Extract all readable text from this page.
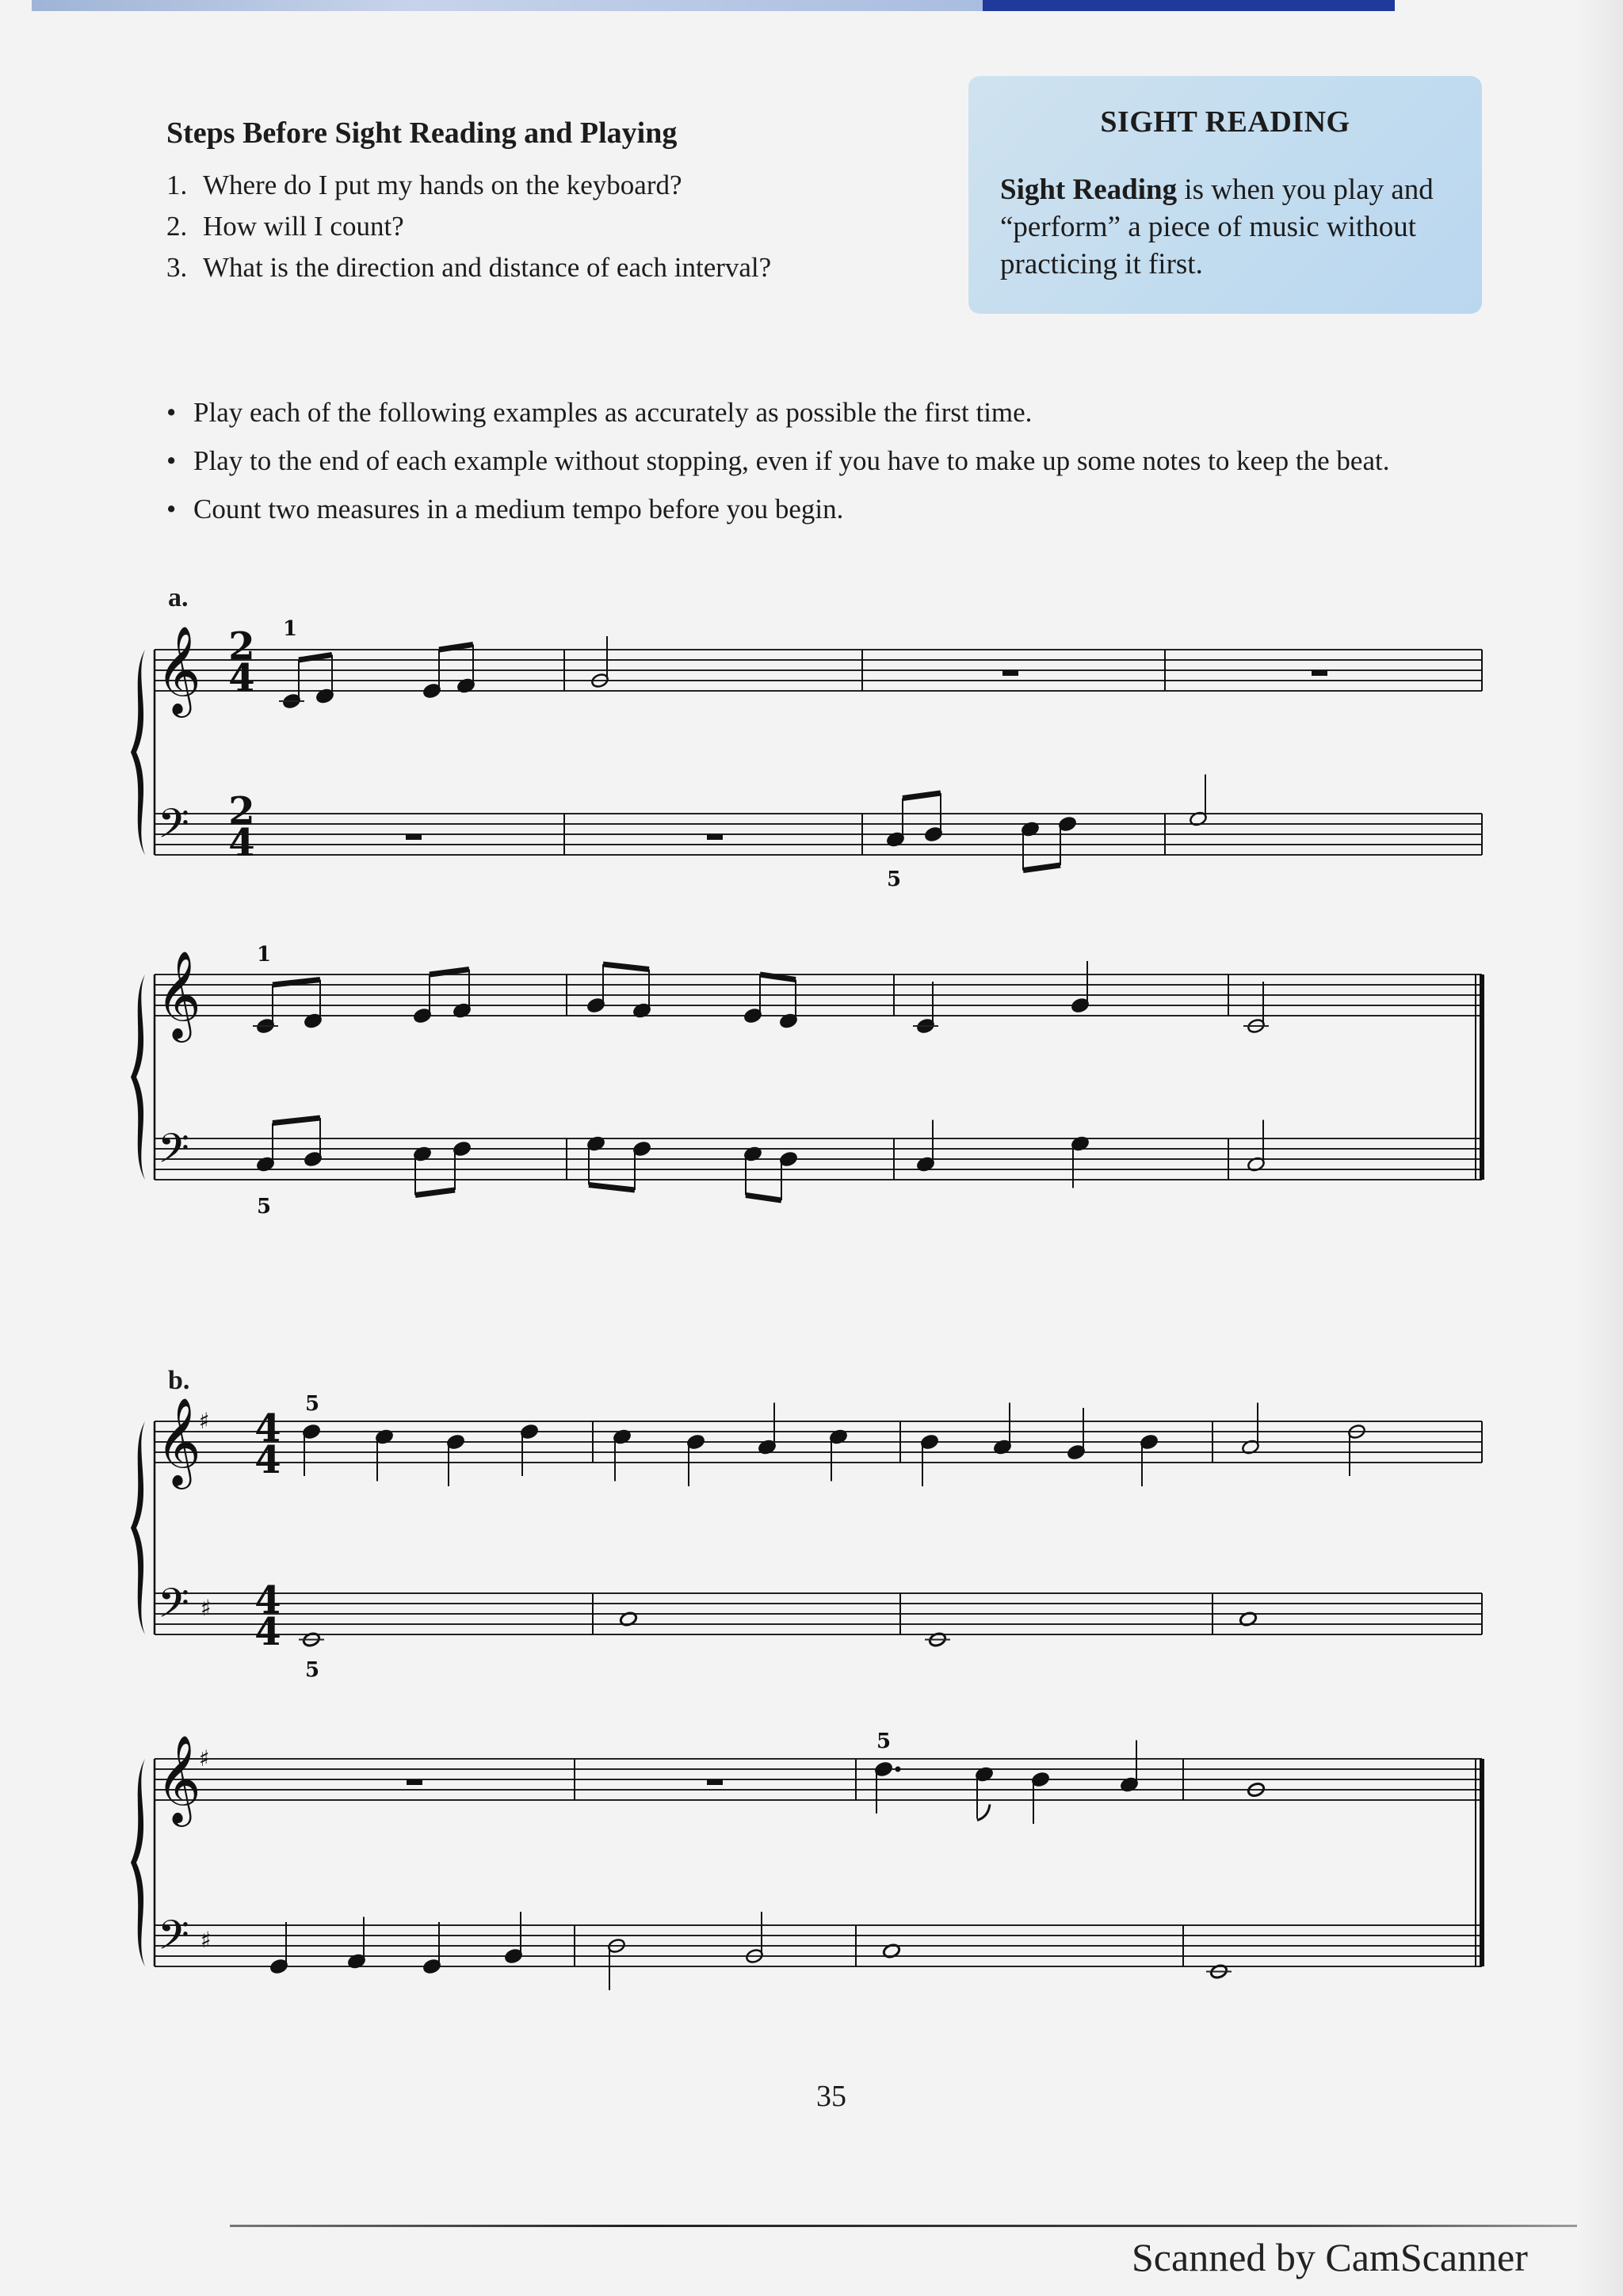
Steps Before Sight Reading and Playing
1. Where do I put my hands on the keyboard?
2. How will I count?
3. What is the direction and distance of each interval?
SIGHT READING
Sight Reading is when you play and “perform” a piece of music without practicing it first.
• Play each of the following examples as accurately as possible the first time.
• Play to the end of each example without stopping, even if you have to make up some notes to keep the beat.
• Count two measures in a medium tempo before you begin.
a.
b.
𝄞
𝄢
𝄞
𝄢
𝄞
𝄢
♯
♯
𝄞
𝄢
♯
♯
2
4
2
4
4
4
4
4
1
5
1
5
5
5
5
35
Scanned by CamScanner
